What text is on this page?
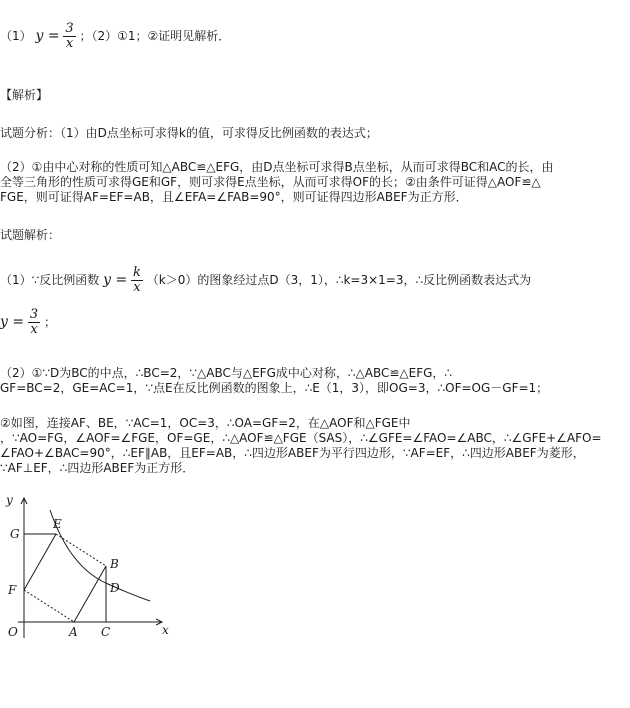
（1） $y = \frac{3}{x}$ ；（2）①1；②证明见解析．
【解析】
试题分析：（1）由D点坐标可求得k的值，可求得反比例函数的表达式；
（2）①由中心对称的性质可知△ABC≌△EFG，由D点坐标可求得B点坐标，从而可求得BC和AC的长，由
全等三角形的性质可求得GE和GF，则可求得E点坐标，从而可求得OF的长；②由条件可证得△AOF≌△
FGE，则可证得AF=EF=AB，且∠EFA=∠FAB=90°，则可证得四边形ABEF为正方形．
试题解析：
（1）∵反比例函数 $y = \frac{k}{x} (k>0)$的图象经过点D（3，1），∴k=3×1=3，∴反比例函数表达式为
$y = \frac{3}{x}$ ；
（2）①∵D为BC的中点，∴BC=2，∵△ABC与△EFG成中心对称，∴△ABC≌△EFG，∴
GF=BC=2，GE=AC=1，∵点E在反比例函数的图象上，∴E（1，3），即OG=3，∴OF=OG－GF=1；
②如图，连接AF、BE，∵AC=1，OC=3，∴OA=GF=2，在△AOF和△FGE中
，∵AO=FG，∠AOF=∠FGE，OF=GE，∴△AOF≌△FGE（SAS），∴∠GFE=∠FAO=∠ABC，∴∠GFE+∠AFO=
∠FAO+∠BAC=90°，∴EF∥AB，且EF=AB，∴四边形ABEF为平行四边形，∵AF=EF，∴四边形ABEF为菱形，
∵AF⊥EF，∴四边形ABEF为正方形．
y
x
O
G
E
F
A C
B
D
